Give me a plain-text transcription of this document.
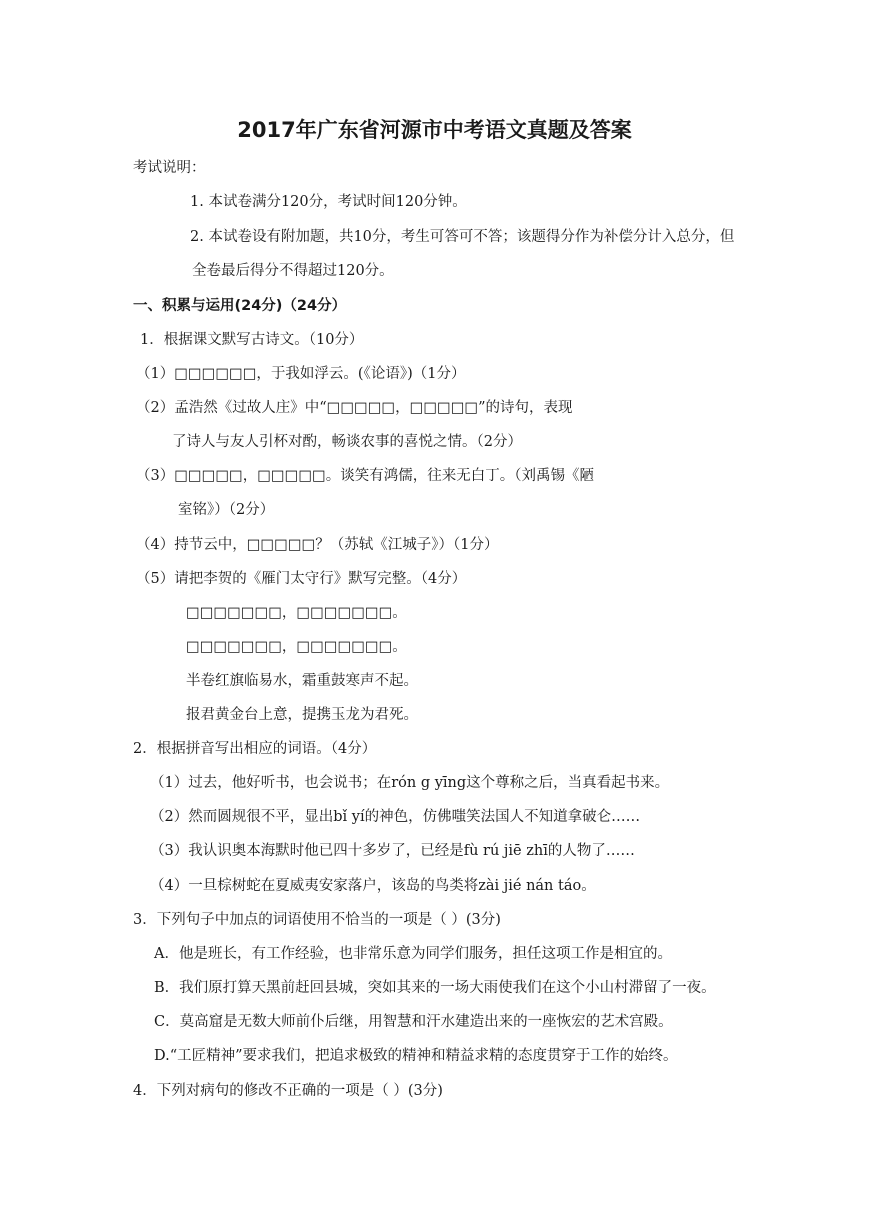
2017年广东省河源市中考语文真题及答案
考试说明：
1. 本试卷满分120分，考试时间120分钟。
2. 本试卷设有附加题，共10分，考生可答可不答；该题得分作为补偿分计入总分，但
全卷最后得分不得超过120分。
一、积累与运用(24分)（24分）
1．根据课文默写古诗文。（10分）
（1）□□□□□□，于我如浮云。(《论语》)（1分）
（2）孟浩然《过故人庄》中“□□□□□，□□□□□”的诗句，表现
了诗人与友人引杯对酌，畅谈农事的喜悦之情。（2分）
（3）□□□□□，□□□□□。谈笑有鸿儒，往来无白丁。（刘禹锡《陋
室铭》）（2分）
（4）持节云中，□□□□□？（苏轼《江城子》）（1分）
（5）请把李贺的《雁门太守行》默写完整。（4分）
□□□□□□□，□□□□□□□。
□□□□□□□，□□□□□□□。
半卷红旗临易水，霜重鼓寒声不起。
报君黄金台上意，提携玉龙为君死。
2．根据拼音写出相应的词语。（4分）
（1）过去，他好听书，也会说书；在rón g yīng这个尊称之后，当真看起书来。
（2）然而圆规很不平，显出bǐ yí的神色，仿佛嗤笑法国人不知道拿破仑……
（3）我认识奥本海默时他已四十多岁了，已经是fù rú jiē zhī的人物了……
（4）一旦棕树蛇在夏威夷安家落户，该岛的鸟类将zài jié nán táo。
3．下列句子中加点的词语使用不恰当的一项是（ ）(3分)
A．他是班长，有工作经验，也非常乐意为同学们服务，担任这项工作是相宜的。
B．我们原打算天黑前赶回县城，突如其来的一场大雨使我们在这个小山村滞留了一夜。
C．莫高窟是无数大师前仆后继，用智慧和汗水建造出来的一座恢宏的艺术宫殿。
D.“工匠精神”要求我们，把追求极致的精神和精益求精的态度贯穿于工作的始终。
4．下列对病句的修改不正确的一项是（ ）(3分)
